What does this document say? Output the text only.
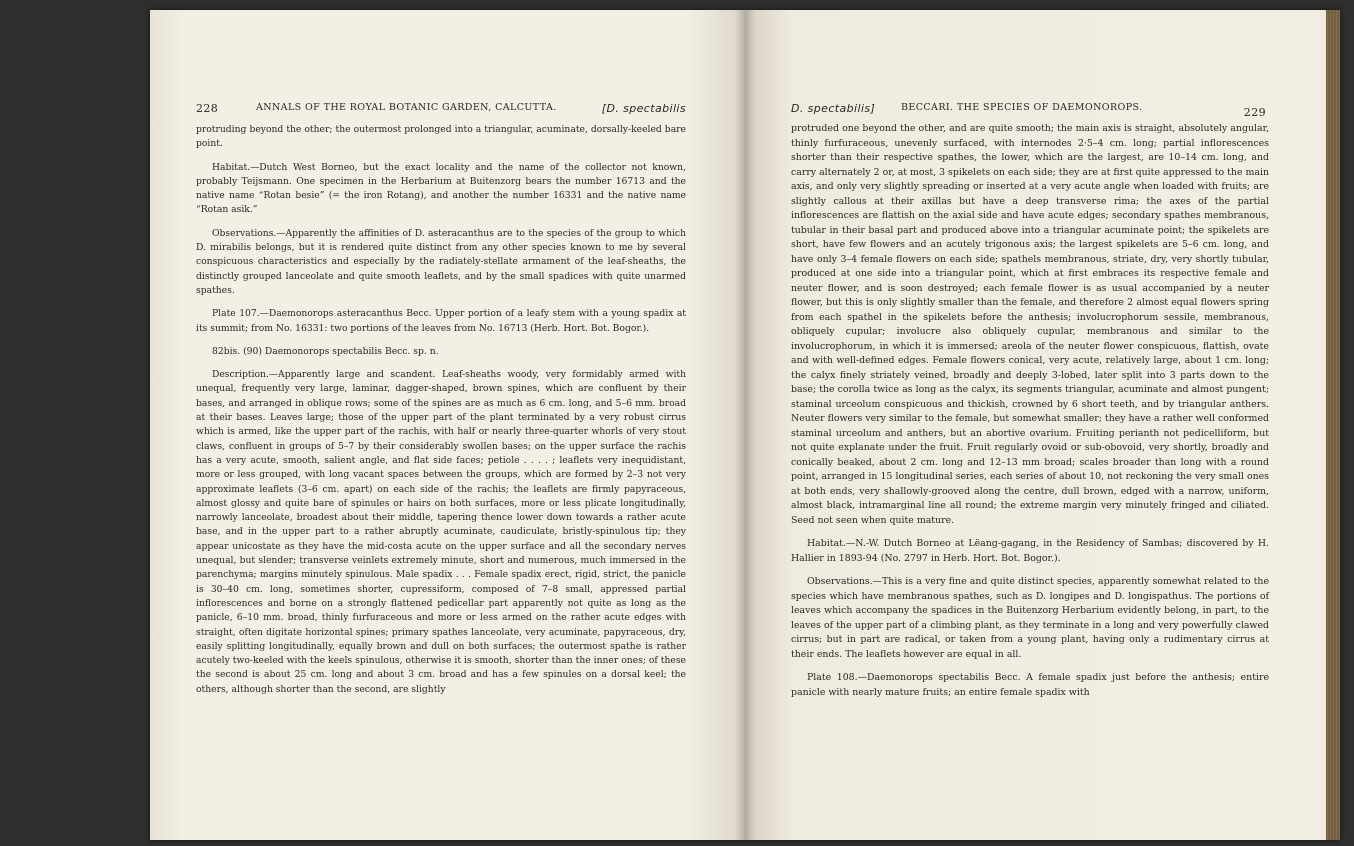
228	ANNALS OF THE ROYAL BOTANIC GARDEN, CALCUTTA.	[D. spectabilis

protruding beyond the other; the outermost prolonged into a triangular, acuminate, dorsally-keeled bare point.

Habitat.—Dutch West Borneo, but the exact locality and the name of the collector not known, probably Teijsmann. One specimen in the Herbarium at Buitenzorg bears the number 16713 and the native name “Rotan besie” (= the iron Rotang), and another the number 16331 and the native name “Rotan asik.”

Observations.—Apparently the affinities of D. asteracanthus are to the species of the group to which D. mirabilis belongs, but it is rendered quite distinct from any other species known to me by several conspicuous characteristics and especially by the radiately-stellate armament of the leaf-sheaths, the distinctly grouped lanceolate and quite smooth leaflets, and by the small spadices with quite unarmed spathes.

Plate 107.—Daemonorops asteracanthus Becc. Upper portion of a leafy stem with a young spadix at its summit; from No. 16331: two portions of the leaves from No. 16713 (Herb. Hort. Bot. Bogor.).

82bis. (90) Daemonorops spectabilis Becc. sp. n.

Description.—Apparently large and scandent. Leaf-sheaths woody, very formidably armed with unequal, frequently very large, laminar, dagger-shaped, brown spines, which are confluent by their bases, and arranged in oblique rows; some of the spines are as much as 6 cm. long, and 5–6 mm. broad at their bases. Leaves large; those of the upper part of the plant terminated by a very robust cirrus which is armed, like the upper part of the rachis, with half or nearly three-quarter whorls of very stout claws, confluent in groups of 5–7 by their considerably swollen bases; on the upper surface the rachis has a very acute, smooth, salient angle, and flat side faces; petiole . . . . ; leaflets very inequidistant, more or less grouped, with long vacant spaces between the groups, which are formed by 2–3 not very approximate leaflets (3–6 cm. apart) on each side of the rachis; the leaflets are firmly papyraceous, almost glossy and quite bare of spinules or hairs on both surfaces, more or less plicate longitudinally, narrowly lanceolate, broadest about their middle, tapering thence lower down towards a rather acute base, and in the upper part to a rather abruptly acuminate, caudiculate, bristly-spinulous tip; they appear unicostate as they have the mid-costa acute on the upper surface and all the secondary nerves unequal, but slender; transverse veinlets extremely minute, short and numerous, much immersed in the parenchyma; margins minutely spinulous. Male spadix . . . Female spadix erect, rigid, strict, the panicle is 30–40 cm. long, sometimes shorter, cupressiform, composed of 7–8 small, appressed partial inflorescences and borne on a strongly flattened pedicellar part apparently not quite as long as the panicle, 6–10 mm. broad, thinly furfuraceous and more or less armed on the rather acute edges with straight, often digitate horizontal spines; primary spathes lanceolate, very acuminate, papyraceous, dry, easily splitting longitudinally, equally brown and dull on both surfaces; the outermost spathe is rather acutely two-keeled with the keels spinulous, otherwise it is smooth, shorter than the inner ones; of these the second is about 25 cm. long and about 3 cm. broad and has a few spinules on a dorsal keel; the others, although shorter than the second, are slightly

D. spectabilis]	BECCARI. THE SPECIES OF DAEMONOROPS.	229

protruded one beyond the other, and are quite smooth; the main axis is straight, absolutely angular, thinly furfuraceous, unevenly surfaced, with internodes 2·5–4 cm. long; partial inflorescences shorter than their respective spathes, the lower, which are the largest, are 10–14 cm. long, and carry alternately 2 or, at most, 3 spikelets on each side; they are at first quite appressed to the main axis, and only very slightly spreading or inserted at a very acute angle when loaded with fruits; are slightly callous at their axillas but have a deep transverse rima; the axes of the partial inflorescences are flattish on the axial side and have acute edges; secondary spathes membranous, tubular in their basal part and produced above into a triangular acuminate point; the spikelets are short, have few flowers and an acutely trigonous axis; the largest spikelets are 5–6 cm. long, and have only 3–4 female flowers on each side; spathels membranous, striate, dry, very shortly tubular, produced at one side into a triangular point, which at first embraces its respective female and neuter flower, and is soon destroyed; each female flower is as usual accompanied by a neuter flower, but this is only slightly smaller than the female, and therefore 2 almost equal flowers spring from each spathel in the spikelets before the anthesis; involucrophorum sessile, membranous, obliquely cupular; involucre also obliquely cupular, membranous and similar to the involucrophorum, in which it is immersed; areola of the neuter flower conspicuous, flattish, ovate and with well-defined edges. Female flowers conical, very acute, relatively large, about 1 cm. long; the calyx finely striately veined, broadly and deeply 3-lobed, later split into 3 parts down to the base; the corolla twice as long as the calyx, its segments triangular, acuminate and almost pungent; staminal urceolum conspicuous and thickish, crowned by 6 short teeth, and by triangular anthers. Neuter flowers very similar to the female, but somewhat smaller; they have a rather well conformed staminal urceolum and anthers, but an abortive ovarium. Fruiting perianth not pedicelliform, but not quite explanate under the fruit. Fruit regularly ovoid or sub-obovoid, very shortly, broadly and conically beaked, about 2 cm. long and 12–13 mm broad; scales broader than long with a round point, arranged in 15 longitudinal series, each series of about 10, not reckoning the very small ones at both ends, very shallowly-grooved along the centre, dull brown, edged with a narrow, uniform, almost black, intramarginal line all round; the extreme margin very minutely fringed and ciliated. Seed not seen when quite mature.

Habitat.—N.-W. Dutch Borneo at Lëang-gagang, in the Residency of Sambas; discovered by H. Hallier in 1893-94 (No. 2797 in Herb. Hort. Bot. Bogor.).

Observations.—This is a very fine and quite distinct species, apparently somewhat related to the species which have membranous spathes, such as D. longipes and D. longispathus. The portions of leaves which accompany the spadices in the Buitenzorg Herbarium evidently belong, in part, to the leaves of the upper part of a climbing plant, as they terminate in a long and very powerfully clawed cirrus; but in part are radical, or taken from a young plant, having only a rudimentary cirrus at their ends. The leaflets however are equal in all.

Plate 108.—Daemonorops spectabilis Becc. A female spadix just before the anthesis; entire panicle with nearly mature fruits; an entire female spadix with
